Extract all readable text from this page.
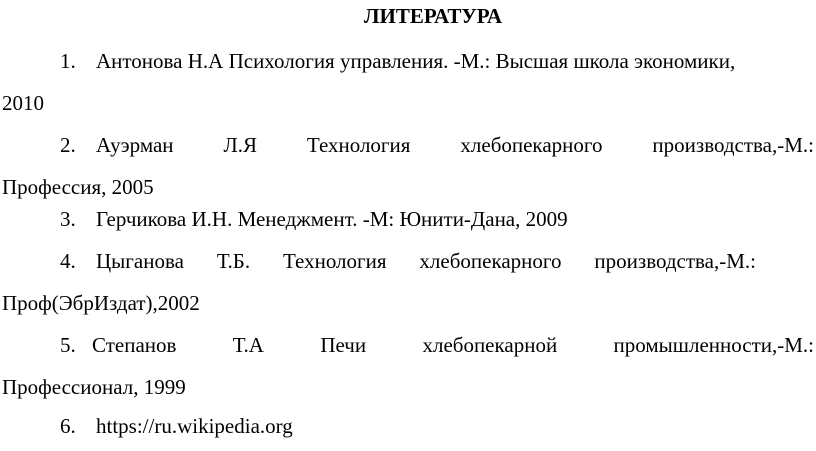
ЛИТЕРАТУРА
1. Антонова Н.А Психология управления. -М.: Высшая школа экономики,
2010
2. Ауэрман Л.Я Технология хлебопекарного производства,-М.:
Профессия, 2005
3. Герчикова И.Н. Менеджмент. -М: Юнити-Дана, 2009
4. Цыганова Т.Б. Технология хлебопекарного производства,-М.:
Проф(ЭбрИздат),2002
5. Степанов Т.А Печи хлебопекарной промышленности,-М.:
Профессионал, 1999
6. https://ru.wikipedia.org
